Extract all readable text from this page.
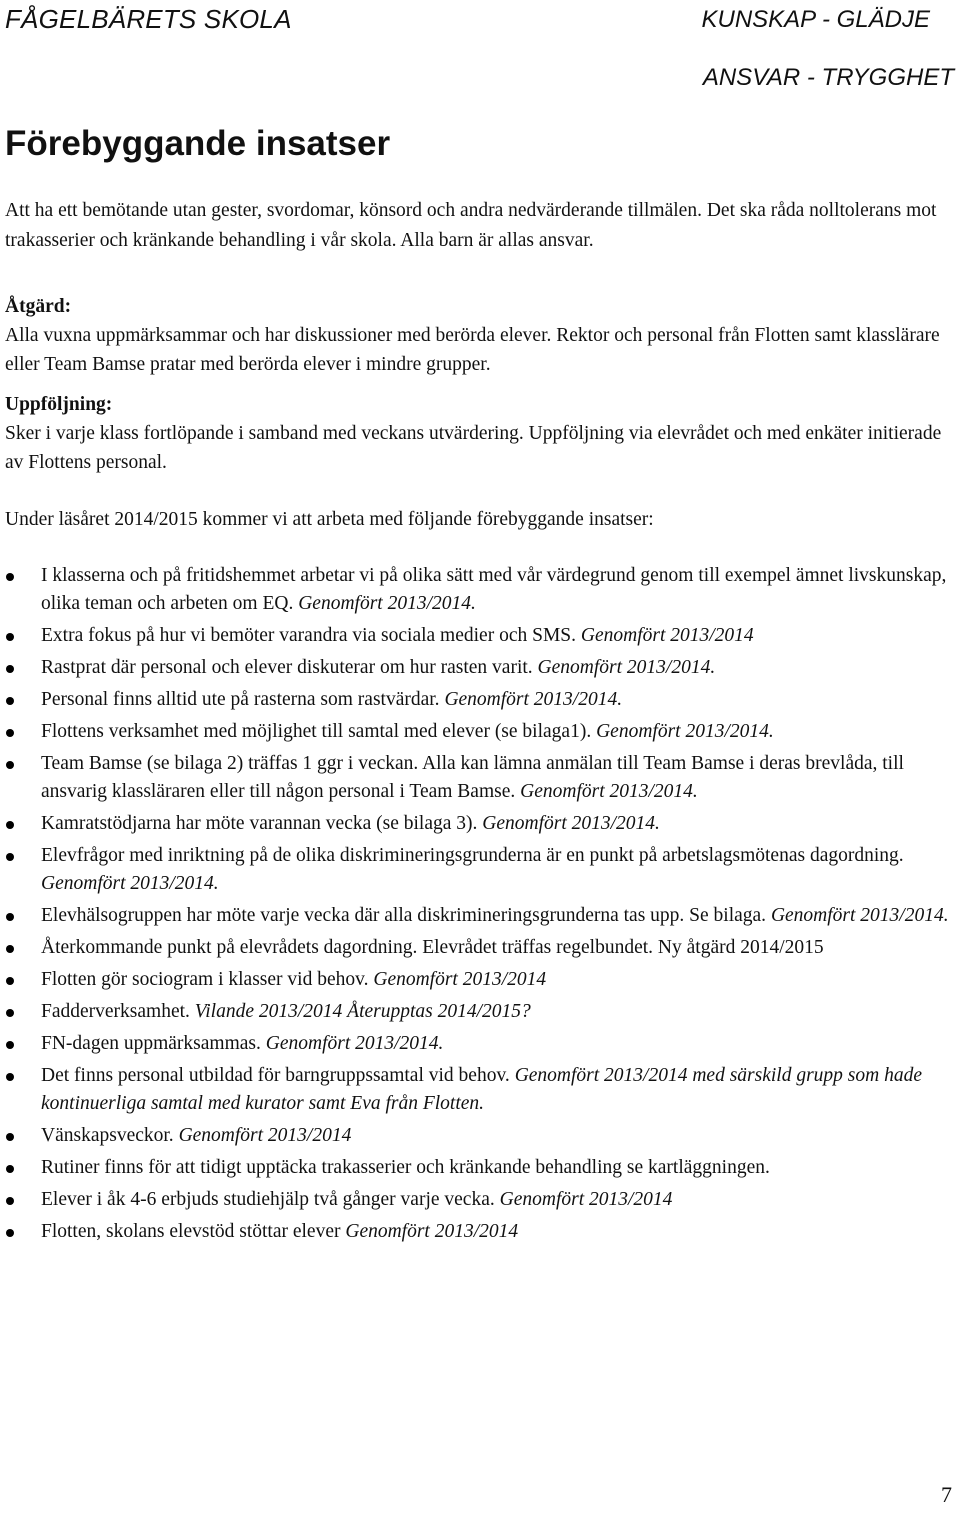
FÅGELBÄRETS SKOLA	KUNSKAP - GLÄDJE
ANSVAR - TRYGGHET
Förebyggande insatser

Att ha ett bemötande utan gester, svordomar, könsord och andra nedvärderande tillmälen. Det ska råda nolltolerans mot trakasserier och kränkande behandling i vår skola. Alla barn är allas ansvar.

Åtgärd:
Alla vuxna uppmärksammar och har diskussioner med berörda elever. Rektor och personal från Flotten samt klasslärare eller Team Bamse pratar med berörda elever i mindre grupper.

Uppföljning:
Sker i varje klass fortlöpande i samband med veckans utvärdering. Uppföljning via elevrådet och med enkäter initierade av Flottens personal.

Under läsåret 2014/2015 kommer vi att arbeta med följande förebyggande insatser:

I klasserna och på fritidshemmet arbetar vi på olika sätt med vår värdegrund genom till exempel ämnet livskunskap, olika teman och arbeten om EQ. Genomfört 2013/2014.
Extra fokus på hur vi bemöter varandra via sociala medier och SMS. Genomfört 2013/2014
Rastprat där personal och elever diskuterar om hur rasten varit. Genomfört 2013/2014.
Personal finns alltid ute på rasterna som rastvärdar. Genomfört 2013/2014.
Flottens verksamhet med möjlighet till samtal med elever (se bilaga1). Genomfört 2013/2014.
Team Bamse (se bilaga 2) träffas 1 ggr i veckan. Alla kan lämna anmälan till Team Bamse i deras brevlåda, till ansvarig klassläraren eller till någon personal i Team Bamse. Genomfört 2013/2014.
Kamratstödjarna har möte varannan vecka (se bilaga 3). Genomfört 2013/2014.
Elevfrågor med inriktning på de olika diskrimineringsgrunderna är en punkt på arbetslagsmötenas dagordning. Genomfört 2013/2014.
Elevhälsogruppen har möte varje vecka där alla diskrimineringsgrunderna tas upp. Se bilaga. Genomfört 2013/2014.
Återkommande punkt på elevrådets dagordning. Elevrådet träffas regelbundet. Ny åtgärd 2014/2015
Flotten gör sociogram i klasser vid behov. Genomfört 2013/2014
Fadderverksamhet. Vilande 2013/2014 Återupptas 2014/2015?
FN-dagen uppmärksammas. Genomfört 2013/2014.
Det finns personal utbildad för barngruppssamtal vid behov. Genomfört 2013/2014 med särskild grupp som hade kontinuerliga samtal med kurator samt Eva från Flotten.
Vänskapsveckor. Genomfört 2013/2014
Rutiner finns för att tidigt upptäcka trakasserier och kränkande behandling se kartläggningen.
Elever i åk 4-6 erbjuds studiehjälp två gånger varje vecka. Genomfört 2013/2014
Flotten, skolans elevstöd stöttar elever Genomfört 2013/2014
7
